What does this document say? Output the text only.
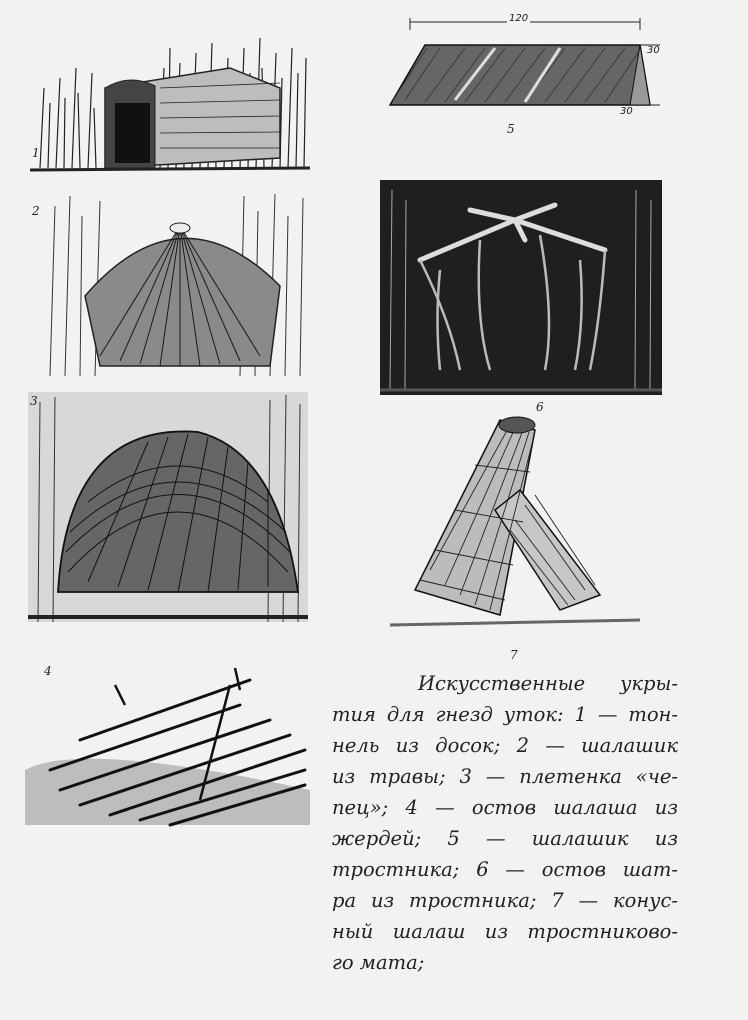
1
2
3
4
120
30
30
5
6
7
Искусственные укры-
тия для гнезд уток: 1 — тон-
нель из досок; 2 — шалашик
из травы; 3 — плетенка «че-
пец»; 4 — остов шалаша из
жердей; 5 — шалашик из
тростника; 6 — остов шат-
ра из тростника; 7 — конус-
ный шалаш из тростниково-
го мата;
